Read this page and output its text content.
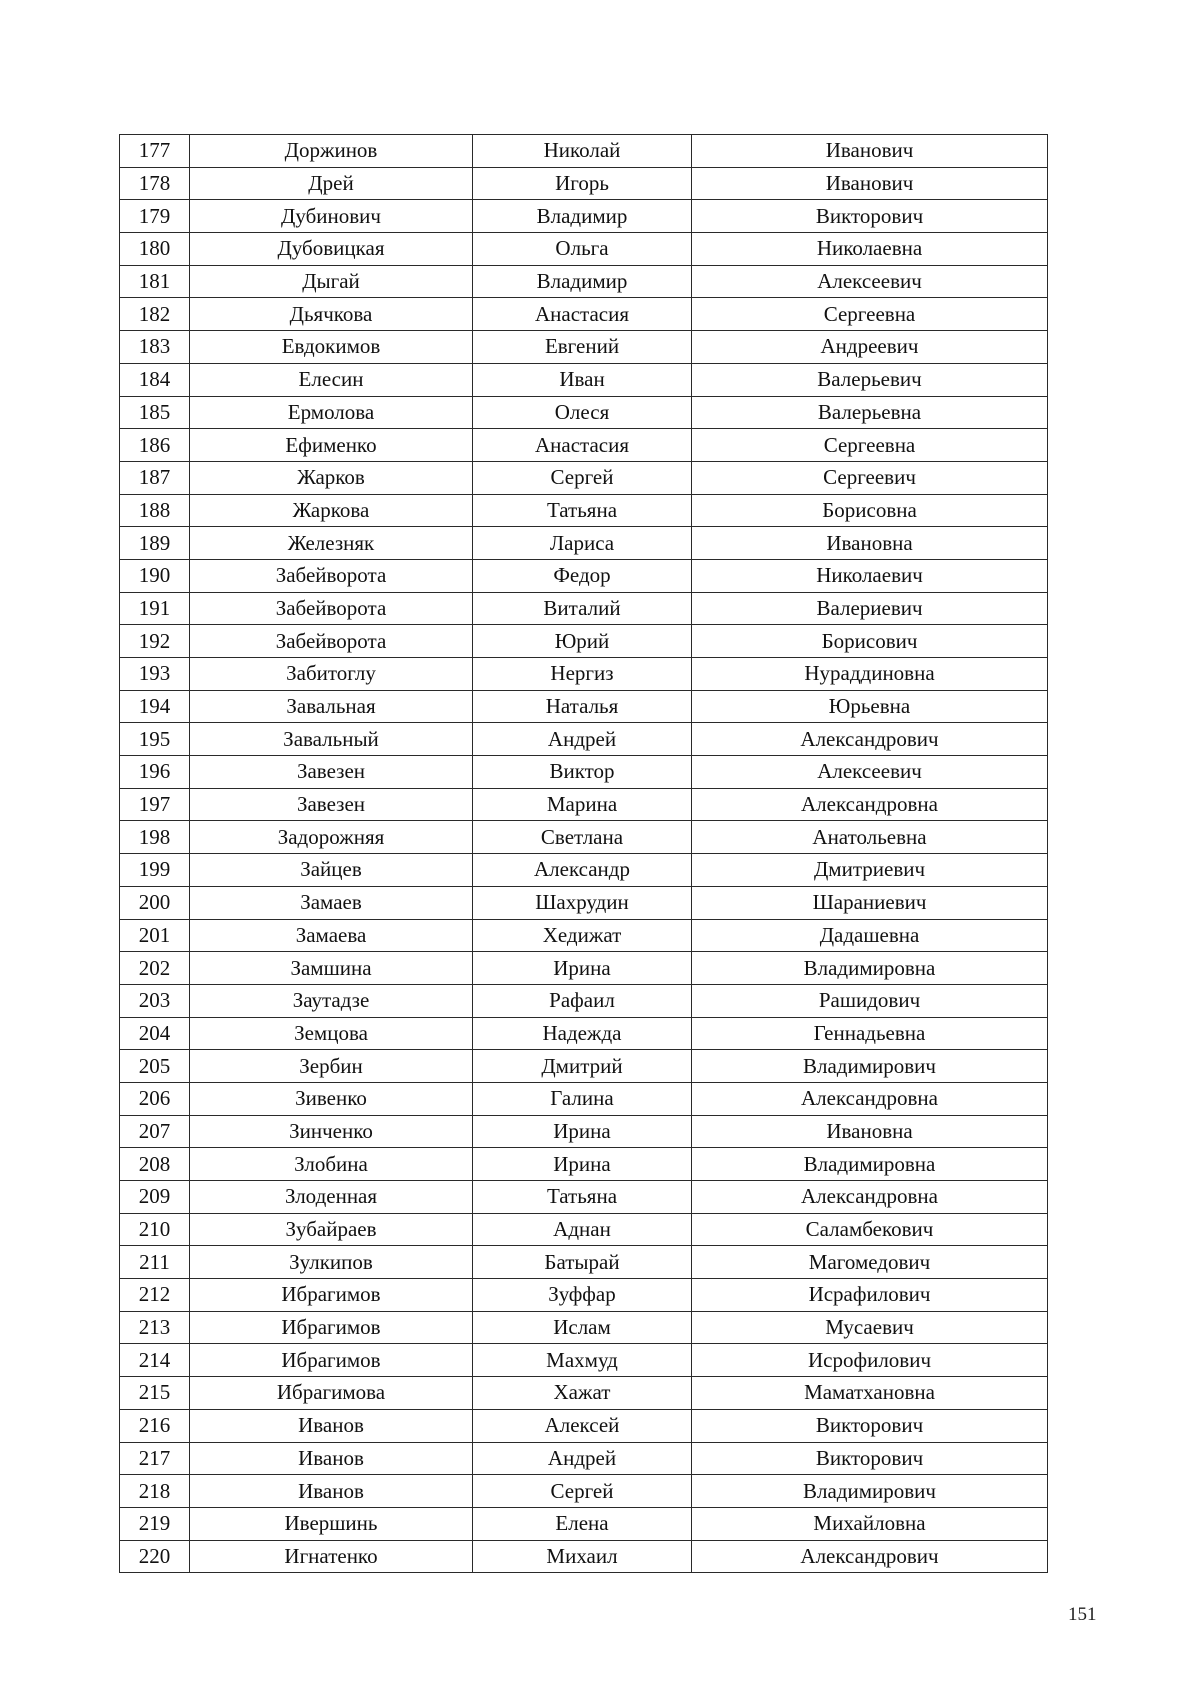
177	Доржинов	Николай	Иванович
178	Дрей	Игорь	Иванович
179	Дубинович	Владимир	Викторович
180	Дубовицкая	Ольга	Николаевна
181	Дыгай	Владимир	Алексеевич
182	Дьячкова	Анастасия	Сергеевна
183	Евдокимов	Евгений	Андреевич
184	Елесин	Иван	Валерьевич
185	Ермолова	Олеся	Валерьевна
186	Ефименко	Анастасия	Сергеевна
187	Жарков	Сергей	Сергеевич
188	Жаркова	Татьяна	Борисовна
189	Железняк	Лариса	Ивановна
190	Забейворота	Федор	Николаевич
191	Забейворота	Виталий	Валериевич
192	Забейворота	Юрий	Борисович
193	Забитоглу	Нергиз	Нураддиновна
194	Завальная	Наталья	Юрьевна
195	Завальный	Андрей	Александрович
196	Завезен	Виктор	Алексеевич
197	Завезен	Марина	Александровна
198	Задорожняя	Светлана	Анатольевна
199	Зайцев	Александр	Дмитриевич
200	Замаев	Шахрудин	Шараниевич
201	Замаева	Хедижат	Дадашевна
202	Замшина	Ирина	Владимировна
203	Заутадзе	Рафаил	Рашидович
204	Земцова	Надежда	Геннадьевна
205	Зербин	Дмитрий	Владимирович
206	Зивенко	Галина	Александровна
207	Зинченко	Ирина	Ивановна
208	Злобина	Ирина	Владимировна
209	Злоденная	Татьяна	Александровна
210	Зубайраев	Аднан	Саламбекович
211	Зулкипов	Батырай	Магомедович
212	Ибрагимов	Зуффар	Исрафилович
213	Ибрагимов	Ислам	Мусаевич
214	Ибрагимов	Махмуд	Исрофилович
215	Ибрагимова	Хажат	Маматхановна
216	Иванов	Алексей	Викторович
217	Иванов	Андрей	Викторович
218	Иванов	Сергей	Владимирович
219	Ивершинь	Елена	Михайловна
220	Игнатенко	Михаил	Александрович
151
